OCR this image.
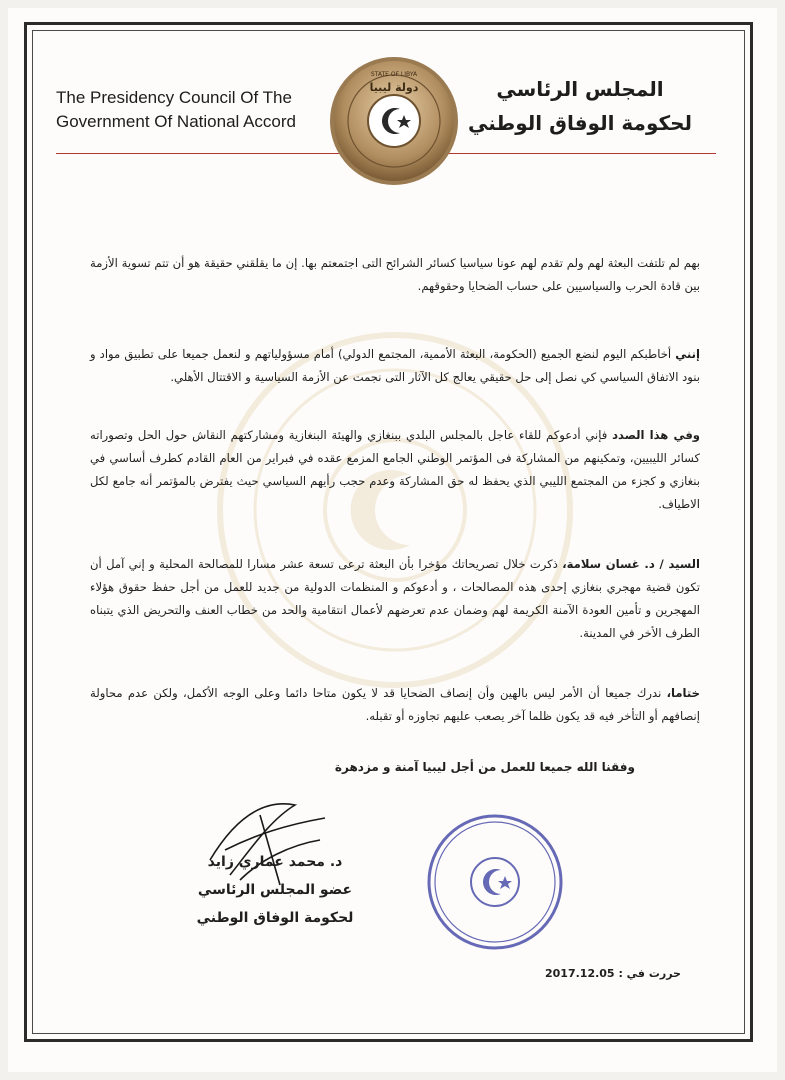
The Presidency Council Of The Government Of National Accord
المجلس الرئاسي
لحكومة الوفاق الوطني
STATE OF LIBYA
دولة ليبيا
بهم لم تلتفت البعثة لهم ولم تقدم لهم عونا سياسيا كسائر الشرائح التى اجتمعتم بها. إن ما يقلقني حقيقة هو أن تتم تسوية الأزمة بين قادة الحرب والسياسيين على حساب الضحايا وحقوقهم.
إنني أخاطبكم اليوم لنضع الجميع (الحكومة، البعثة الأممية، المجتمع الدولي) أمام مسؤولياتهم و لنعمل جميعا على تطبيق مواد و بنود الاتفاق السياسي كي نصل إلى حل حقيقي يعالج كل الآثار التى نجمت عن الأزمة السياسية و الاقتتال الأهلي.
وفي هذا الصدد فإني أدعوكم للقاء عاجل بالمجلس البلدي ببنغازي والهيئة البنغازية ومشاركتهم النقاش حول الحل وتصوراته كسائر الليبيين، وتمكينهم من المشاركة فى المؤتمر الوطني الجامع المزمع عقده في فبراير من العام القادم كطرف أساسي في بنغازي و كجزء من المجتمع الليبي الذي يحفظ له حق المشاركة وعدم حجب رأيهم السياسي حيث يفترض بالمؤتمر أنه جامع لكل الاطياف.
السيد / د. غسان سلامة، ذكرت خلال تصريحاتك مؤخرا بأن البعثة ترعى تسعة عشر مسارا للمصالحة المحلية و إني آمل أن تكون قضية مهجري بنغازي إحدى هذه المصالحات ، و أدعوكم و المنظمات الدولية من جديد للعمل من أجل حفظ حقوق هؤلاء المهجرين و تأمين العودة الآمنة الكريمة لهم وضمان عدم تعرضهم لأعمال انتقامية والحد من خطاب العنف والتحريض الذي يتبناه الطرف الأخر في المدينة.
ختاما، ندرك جميعا أن الأمر ليس بالهين وأن إنصاف الضحايا قد لا يكون متاحا دائما وعلى الوجه الأكمل، ولكن عدم محاولة إنصافهم أو التأخر فيه قد يكون ظلما آخر يصعب عليهم تجاوزه أو تقبله.
وفقنا الله جميعا للعمل من أجل ليبيا آمنة و مزدهرة
د. محمد عماري زايد
عضو المجلس الرئاسي
لحكومة الوفاق الوطني
حررت في : 2017.12.05
